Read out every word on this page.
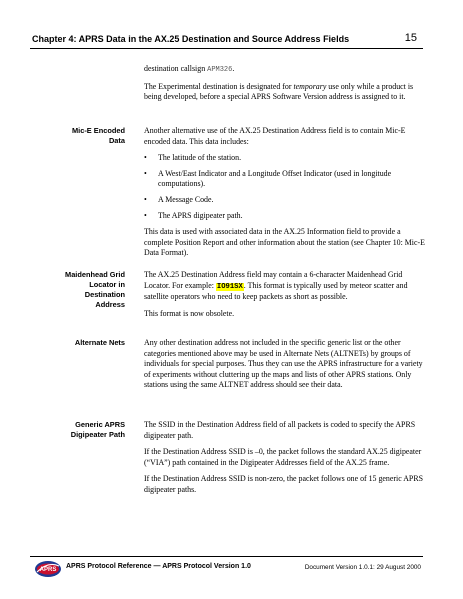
Chapter 4: APRS Data in the AX.25 Destination and Source Address Fields	15

destination callsign APM326.

The Experimental destination is designated for temporary use only while a product is being developed, before a special APRS Software Version address is assigned to it.

Mic-E Encoded
Data

Another alternative use of the AX.25 Destination Address field is to contain Mic-E encoded data. This data includes:

• The latitude of the station.
• A West/East Indicator and a Longitude Offset Indicator (used in longitude computations).
• A Message Code.
• The APRS digipeater path.

This data is used with associated data in the AX.25 Information field to provide a complete Position Report and other information about the station (see Chapter 10: Mic-E Data Format).

Maidenhead Grid
Locator in
Destination
Address

The AX.25 Destination Address field may contain a 6-character Maidenhead Grid Locator. For example: IO91SX. This format is typically used by meteor scatter and satellite operators who need to keep packets as short as possible.

This format is now obsolete.

Alternate Nets Any other destination address not included in the specific generic list or the other categories mentioned above may be used in Alternate Nets (ALTNETs) by groups of individuals for special purposes. Thus they can use the APRS infrastructure for a variety of experiments without cluttering up the maps and lists of other APRS stations. Only stations using the same ALTNET address should see their data.

Generic APRS
Digipeater Path

The SSID in the Destination Address field of all packets is coded to specify the APRS digipeater path.

If the Destination Address SSID is –0, the packet follows the standard AX.25 digipeater (“VIA”) path contained in the Digipeater Addresses field of the AX.25 frame.

If the Destination Address SSID is non-zero, the packet follows one of 15 generic APRS digipeater paths.

APRS APRS Protocol Reference — APRS Protocol Version 1.0	Document Version 1.0.1: 29 August 2000
